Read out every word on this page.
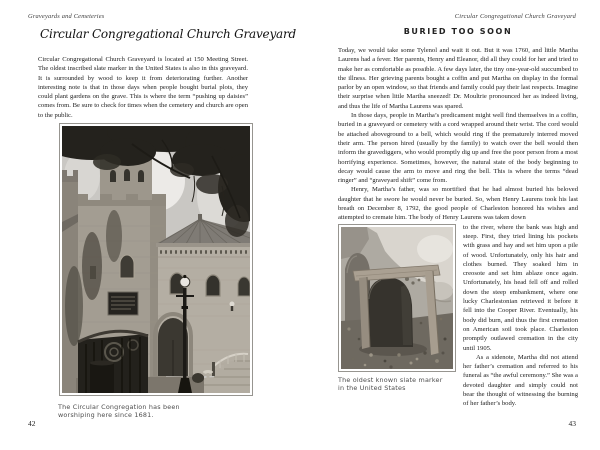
Graveyards and Cemeteries
Circular Congregational Church Graveyard

Circular Congregational Church Graveyard is located at 150 Meeting Street. The oldest inscribed slate marker in the United States is also in this graveyard. It is surrounded by wood to keep it from deteriorating further. Another interesting note is that in those days when people bought burial plots, they could plant gardens on the grave. This is where the term “pushing up daisies” comes from. Be sure to check for times when the cemetery and church are open to the public.

The Circular Congregation has been worshiping here since 1681.
42
Circular Congregational Church Graveyard
BURIED TOO SOON

Today, we would take some Tylenol and wait it out. But it was 1760, and little Martha Laurens had a fever. Her parents, Henry and Eleanor, did all they could for her and tried to make her as comfortable as possible. A few days later, the tiny one-year-old succumbed to the illness. Her grieving parents bought a coffin and put Martha on display in the formal parlor by an open window, so that friends and family could pay their last respects. Imagine their surprise when little Martha sneezed! Dr. Moultrie pronounced her as indeed living, and thus the life of Martha Laurens was spared.

In those days, people in Martha’s predicament might well find themselves in a coffin, buried in a graveyard or cemetery with a cord wrapped around their wrist. The cord would be attached aboveground to a bell, which would ring if the prematurely interred moved their arm. The person hired (usually by the family) to watch over the bell would then inform the gravediggers, who would promptly dig up and free the poor person from a most horrifying experience. Sometimes, however, the natural state of the body beginning to decay would cause the arm to move and ring the bell. This is where the terms “dead ringer” and “graveyard shift” come from.

Henry, Martha’s father, was so mortified that he had almost buried his beloved daughter that he swore he would never be buried. So, when Henry Laurens took his last breath on December 8, 1792, the good people of Charleston honored his wishes and attempted to cremate him. The body of Henry Laurens was taken down

The oldest known slate marker in the United States

to the river, where the bank was high and steep. First, they tried lining his pockets with grass and hay and set him upon a pile of wood. Unfortunately, only his hair and clothes burned. They soaked him in creosote and set him ablaze once again. Unfortunately, his head fell off and rolled down the steep embankment, where one lucky Charlestonian retrieved it before it fell into the Cooper River. Eventually, his body did burn, and thus the first cremation on American soil took place. Charleston promptly outlawed cremation in the city until 1905.

As a sidenote, Martha did not attend her father’s cremation and referred to his funeral as “the awful ceremony.” She was a devoted daughter and simply could not bear the thought of witnessing the burning of her father’s body.

43
